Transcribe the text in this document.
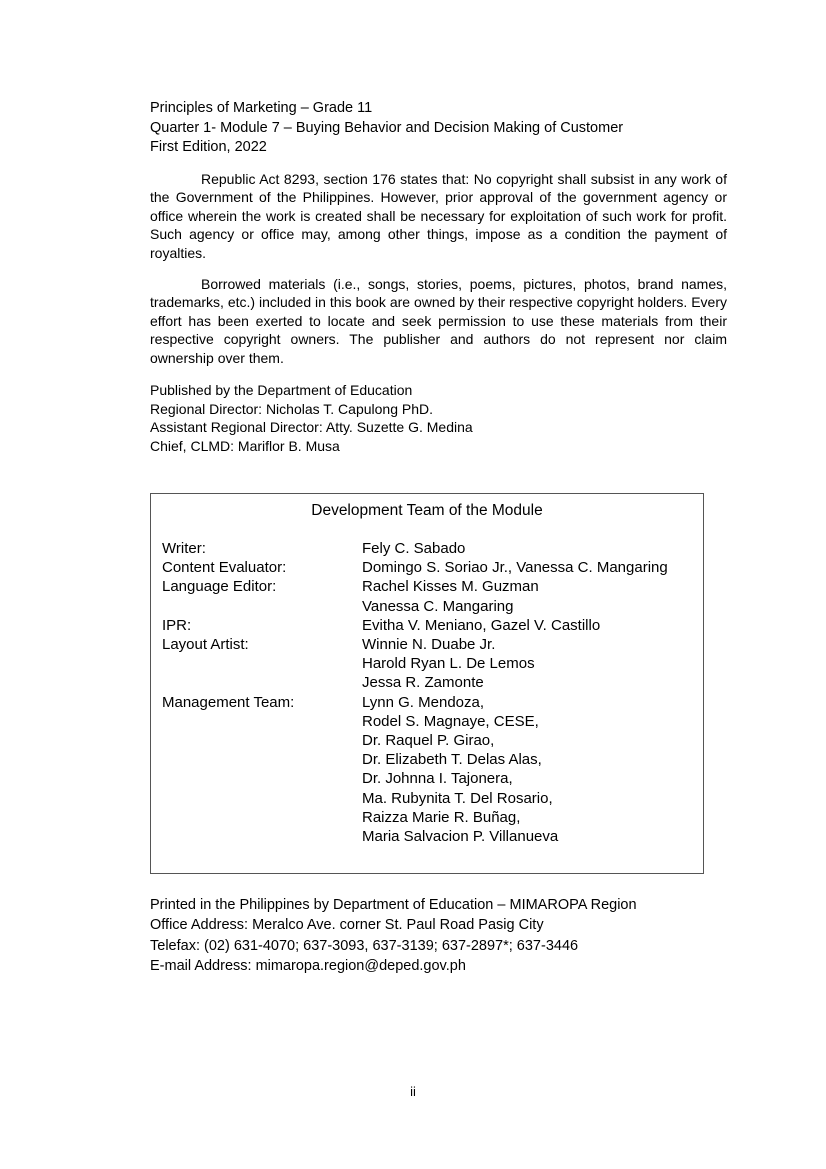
Principles of Marketing – Grade 11
Quarter 1- Module 7 – Buying Behavior and Decision Making of Customer
First Edition, 2022

Republic Act 8293, section 176 states that: No copyright shall subsist in any work of the Government of the Philippines. However, prior approval of the government agency or office wherein the work is created shall be necessary for exploitation of such work for profit. Such agency or office may, among other things, impose as a condition the payment of royalties.

Borrowed materials (i.e., songs, stories, poems, pictures, photos, brand names, trademarks, etc.) included in this book are owned by their respective copyright holders. Every effort has been exerted to locate and seek permission to use these materials from their respective copyright owners. The publisher and authors do not represent nor claim ownership over them.

Published by the Department of Education
Regional Director: Nicholas T. Capulong PhD.
Assistant Regional Director: Atty. Suzette G. Medina
Chief, CLMD: Mariflor B. Musa
Development Team of the Module
Writer:	Fely C. Sabado
Content Evaluator:	Domingo S. Soriao Jr., Vanessa C. Mangaring
Language Editor:	Rachel Kisses M. Guzman
Vanessa C. Mangaring
IPR:	Evitha V. Meniano, Gazel V. Castillo
Layout Artist:	Winnie N. Duabe Jr.
Harold Ryan L. De Lemos
Jessa R. Zamonte
Management Team:	Lynn G. Mendoza,
Rodel S. Magnaye, CESE,
Dr. Raquel P. Girao,
Dr. Elizabeth T. Delas Alas,
Dr. Johnna I. Tajonera,
Ma. Rubynita T. Del Rosario,
Raizza Marie R. Buñag,
Maria Salvacion P. Villanueva
Printed in the Philippines by Department of Education – MIMAROPA Region
Office Address: Meralco Ave. corner St. Paul Road Pasig City
Telefax: (02) 631-4070; 637-3093, 637-3139; 637-2897*; 637-3446
E-mail Address: mimaropa.region@deped.gov.ph
ii
